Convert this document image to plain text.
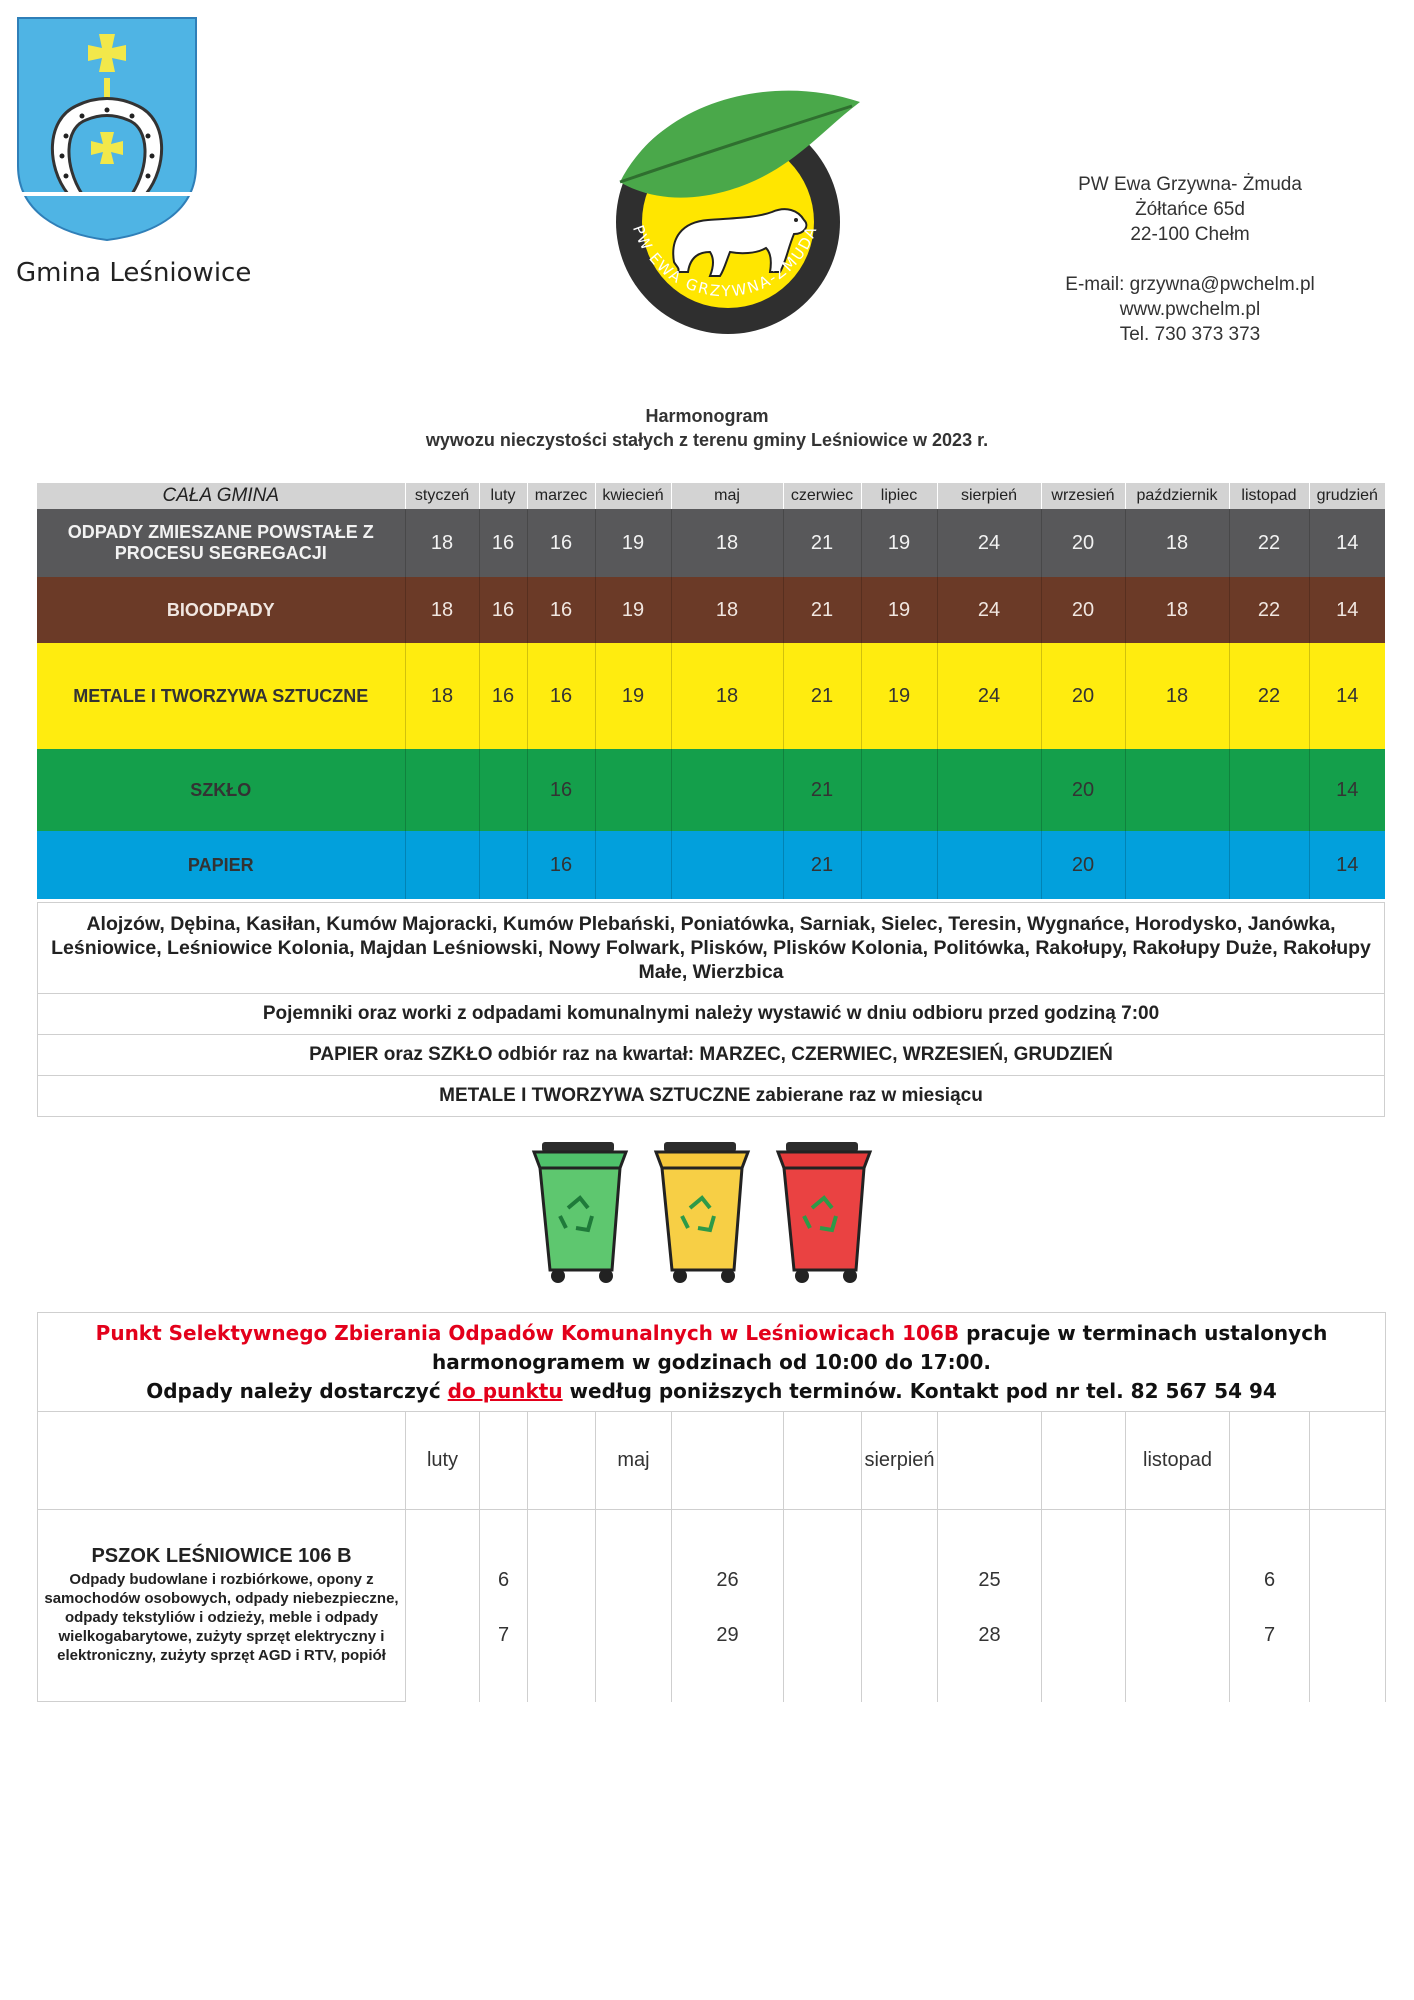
Gmina Leśniowice
PW EWA GRZYWNA-ŻMUDA
PW Ewa Grzywna- Żmuda
Żółtańce 65d
22-100 Chełm
E-mail: grzywna@pwchelm.pl
www.pwchelm.pl
Tel. 730 373 373
Harmonogram
wywozu nieczystości stałych z terenu gminy Leśniowice w 2023 r.
CAŁA GMINA	styczeń	luty	marzec	kwiecień	maj	czerwiec	lipiec	sierpień	wrzesień	październik	listopad	grudzień
ODPADY ZMIESZANE POWSTAŁE Z PROCESU SEGREGACJI	18	16	16	19	18	21	19	24	20	18	22	14
BIOODPADY	18	16	16	19	18	21	19	24	20	18	22	14
METALE I TWORZYWA SZTUCZNE	18	16	16	19	18	21	19	24	20	18	22	14
SZKŁO			16			21			20			14
PAPIER			16			21			20			14
Alojzów, Dębina, Kasiłan, Kumów Majoracki, Kumów Plebański, Poniatówka, Sarniak, Sielec, Teresin, Wygnańce, Horodysko, Janówka, Leśniowice, Leśniowice Kolonia, Majdan Leśniowski, Nowy Folwark, Plisków, Plisków Kolonia, Politówka, Rakołupy, Rakołupy Duże, Rakołupy Małe, Wierzbica
Pojemniki oraz worki z odpadami komunalnymi należy wystawić w dniu odbioru przed godziną 7:00
PAPIER oraz SZKŁO odbiór raz na kwartał: MARZEC, CZERWIEC, WRZESIEŃ, GRUDZIEŃ
METALE I TWORZYWA SZTUCZNE zabierane raz w miesiącu
Punkt Selektywnego Zbierania Odpadów Komunalnych w Leśniowicach 106B pracuje w terminach ustalonych harmonogramem w godzinach od 10:00 do 17:00.
Odpady należy dostarczyć do punktu według poniższych terminów. Kontakt pod nr tel. 82 567 54 94												
	luty			maj			sierpień			listopad		

PSZOK LEŚNIOWICE 106 B
Odpady budowlane i rozbiórkowe, opony z samochodów osobowych, odpady niebezpieczne, odpady tekstyliów i odzieży, meble i odpady wielkogabarytowe, zużyty sprzęt elektryczny i elektroniczny, zużyty sprzęt AGD i RTV, popiół		6			26			25			6	
		7			29			28			7	
